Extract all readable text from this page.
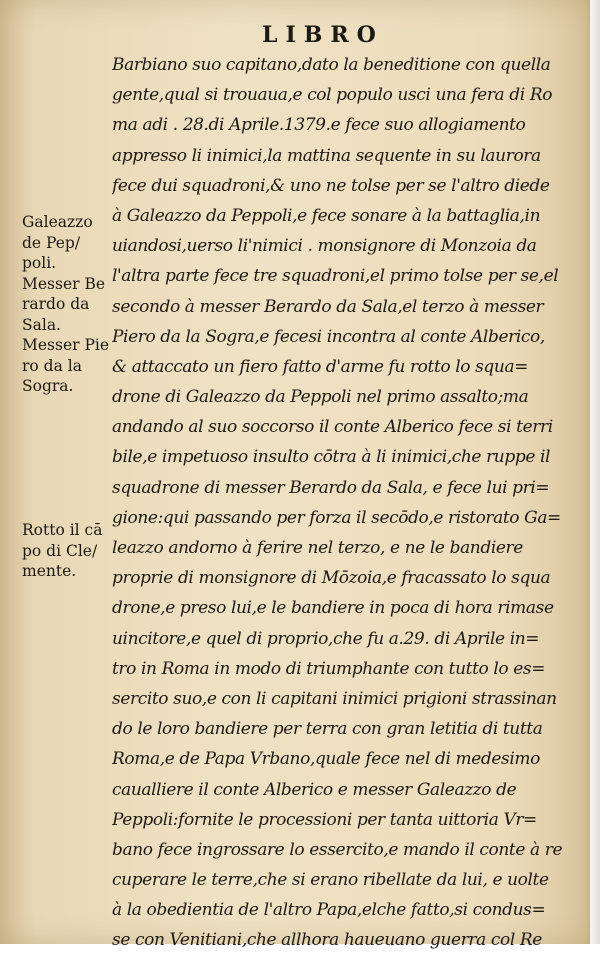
LIBRO
Galeazzo
de Pep/
poli.
Messer Be
rardo da
Sala.
Messer Pie
ro da la
Sogra.
Rotto il cā
po di Cle/
mente.
Barbiano suo capitano,dato la beneditione con quella
gente,qual si trouaua,e col populo usci una fera di Ro
ma adi . 28.di Aprile.1379.e fece suo allogiamento
appresso li inimici,la mattina sequente in su laurora
fece dui squadroni,& uno ne tolse per se l'altro diede
à Galeazzo da Peppoli,e fece sonare à la battaglia,in
uiandosi,uerso li'nimici . monsignore di Monzoia da
l'altra parte fece tre squadroni,el primo tolse per se,el
secondo à messer Berardo da Sala,el terzo à messer
Piero da la Sogra,e fecesi incontra al conte Alberico,
& attaccato un fiero fatto d'arme fu rotto lo squa=
drone di Galeazzo da Peppoli nel primo assalto;ma
andando al suo soccorso il conte Alberico fece si terri
bile,e impetuoso insulto cōtra à li inimici,che ruppe il
squadrone di messer Berardo da Sala, e fece lui pri=
gione:qui passando per forza il secōdo,e ristorato Ga=
leazzo andorno à ferire nel terzo, e ne le bandiere
proprie di monsignore di Mōzoia,e fracassato lo squa
drone,e preso lui,e le bandiere in poca di hora rimase
uincitore,e quel di proprio,che fu a.29. di Aprile in=
tro in Roma in modo di triumphante con tutto lo es=
sercito suo,e con li capitani inimici prigioni strassinan
do le loro bandiere per terra con gran letitia di tutta
Roma,e de Papa Vrbano,quale fece nel di medesimo
caualliere il conte Alberico e messer Galeazzo de
Peppoli:fornite le processioni per tanta uittoria Vr=
bano fece ingrossare lo essercito,e mando il conte à re
cuperare le terre,che si erano ribellate da lui, e uolte
à la obedientia de l'altro Papa,elche fatto,si condus=
se con Venitiani,che allhora haueuano guerra col Re
